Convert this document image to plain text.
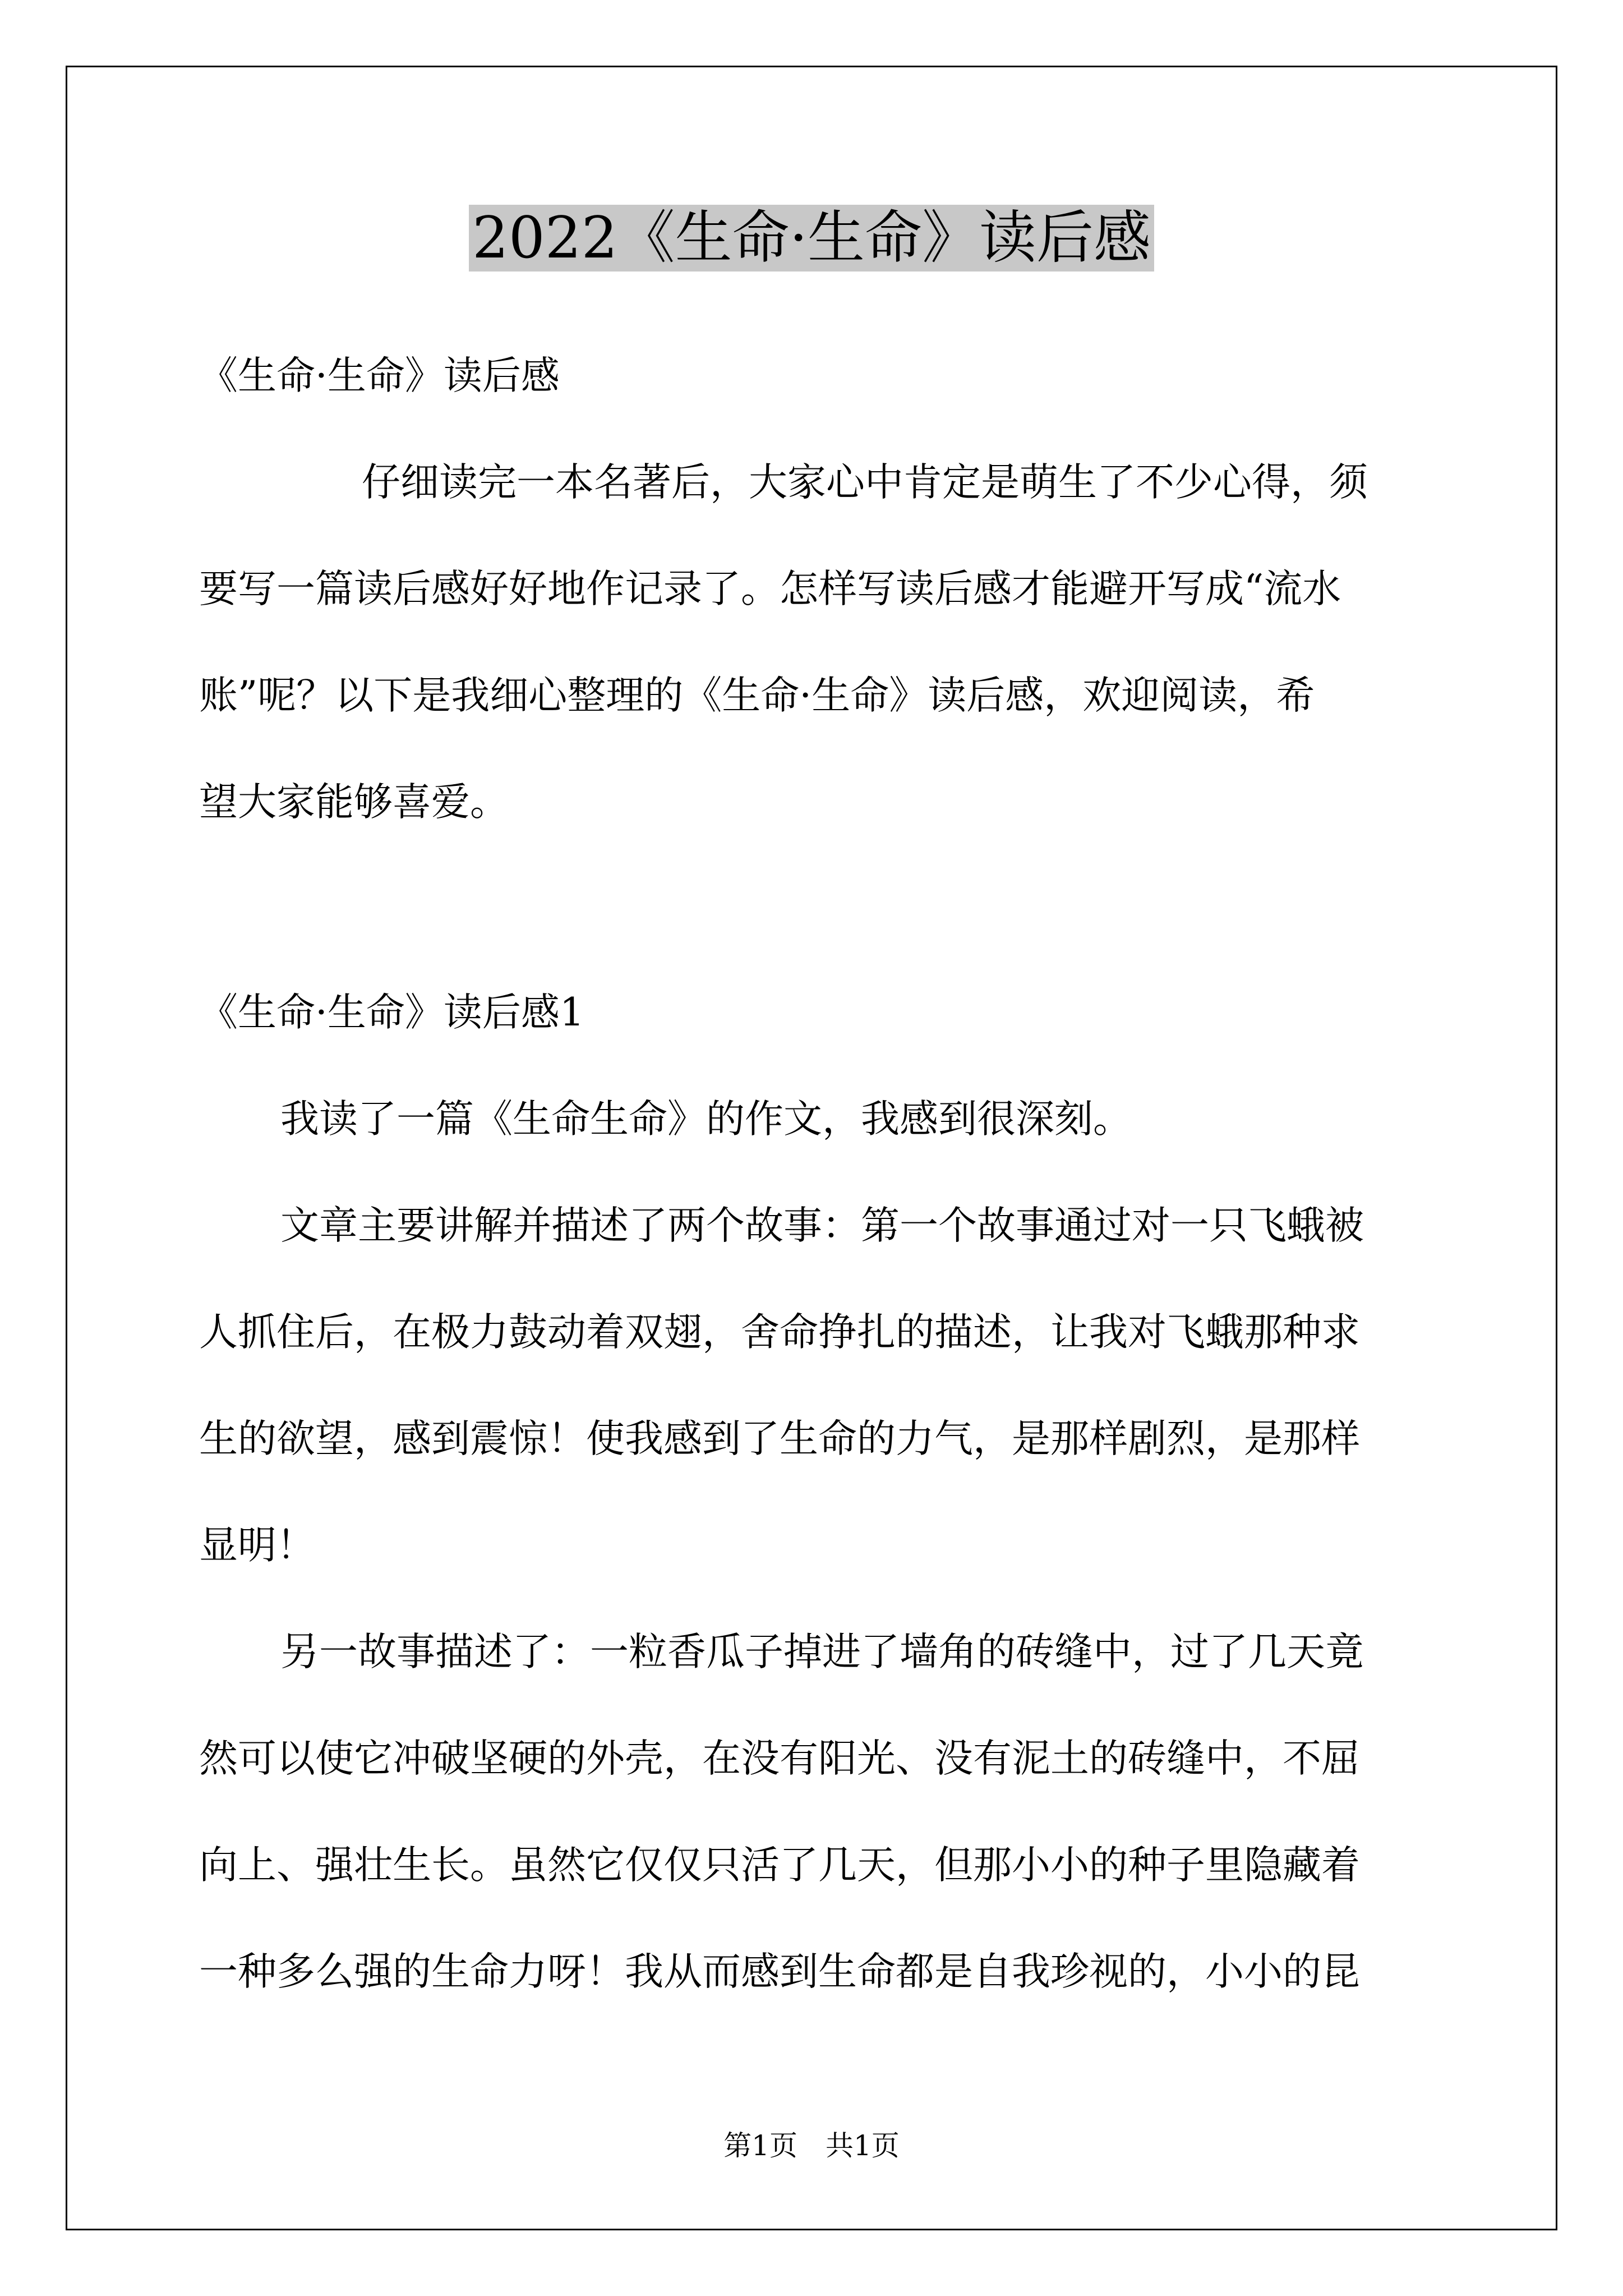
2022《生命·生命》读后感
《生命·生命》读后感
仔细读完一本名著后，大家心中肯定是萌生了不少心得，须
要写一篇读后感好好地作记录了。怎样写读后感才能避开写成“流水
账”呢？以下是我细心整理的《生命·生命》读后感，欢迎阅读，希
望大家能够喜爱。
《生命·生命》读后感1
我读了一篇《生命生命》的作文，我感到很深刻。
文章主要讲解并描述了两个故事：第一个故事通过对一只飞蛾被
人抓住后，在极力鼓动着双翅，舍命挣扎的描述，让我对飞蛾那种求
生的欲望，感到震惊！使我感到了生命的力气，是那样剧烈，是那样
显明！
另一故事描述了：一粒香瓜子掉进了墙角的砖缝中，过了几天竟
然可以使它冲破坚硬的外壳，在没有阳光、没有泥土的砖缝中，不屈
向上、强壮生长。虽然它仅仅只活了几天，但那小小的种子里隐藏着
一种多么强的生命力呀！我从而感到生命都是自我珍视的，小小的昆
第1页　共1页
